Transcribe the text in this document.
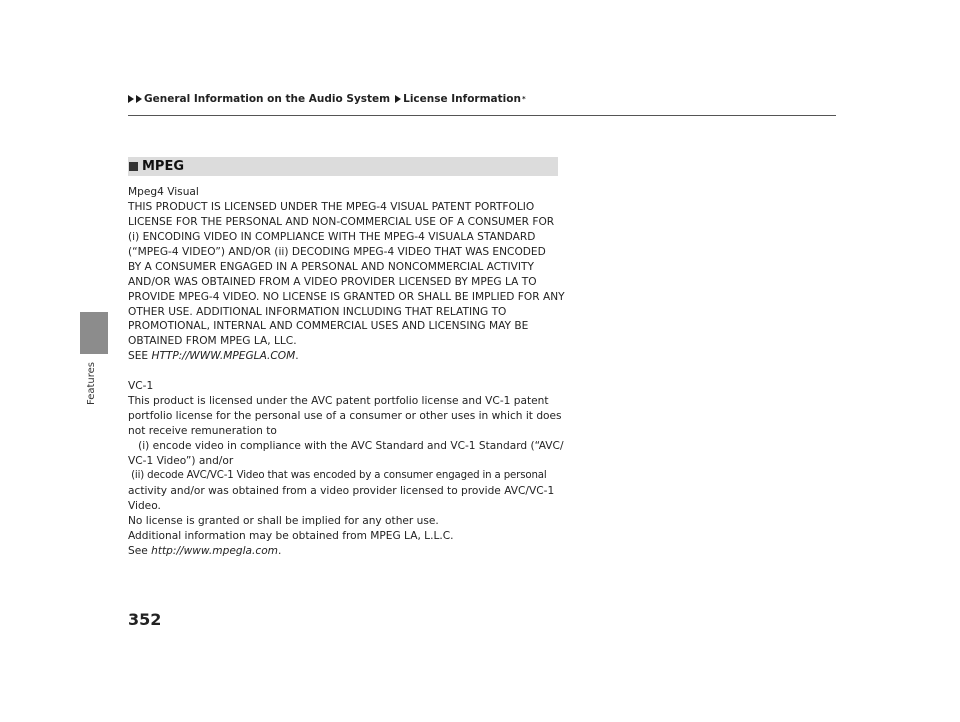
Features
General Information on the Audio System License Information *
MPEG
Mpeg4 Visual
THIS PRODUCT IS LICENSED UNDER THE MPEG-4 VISUAL PATENT PORTFOLIO
LICENSE FOR THE PERSONAL AND NON-COMMERCIAL USE OF A CONSUMER FOR
(i) ENCODING VIDEO IN COMPLIANCE WITH THE MPEG-4 VISUALA STANDARD
(“MPEG-4 VIDEO”) AND/OR (ii) DECODING MPEG-4 VIDEO THAT WAS ENCODED
BY A CONSUMER ENGAGED IN A PERSONAL AND NONCOMMERCIAL ACTIVITY
AND/OR WAS OBTAINED FROM A VIDEO PROVIDER LICENSED BY MPEG LA TO
PROVIDE MPEG-4 VIDEO. NO LICENSE IS GRANTED OR SHALL BE IMPLIED FOR ANY
OTHER USE. ADDITIONAL INFORMATION INCLUDING THAT RELATING TO
PROMOTIONAL, INTERNAL AND COMMERCIAL USES AND LICENSING MAY BE
OBTAINED FROM MPEG LA, LLC.
SEE HTTP://WWW.MPEGLA.COM.
VC-1
This product is licensed under the AVC patent portfolio license and VC-1 patent
portfolio license for the personal use of a consumer or other uses in which it does
not receive remuneration to
(i) encode video in compliance with the AVC Standard and VC-1 Standard (“AVC/
VC-1 Video”) and/or
(ii) decode AVC/VC-1 Video that was encoded by a consumer engaged in a personal
activity and/or was obtained from a video provider licensed to provide AVC/VC-1
Video.
No license is granted or shall be implied for any other use.
Additional information may be obtained from MPEG LA, L.L.C.
See http://www.mpegla.com.
352
